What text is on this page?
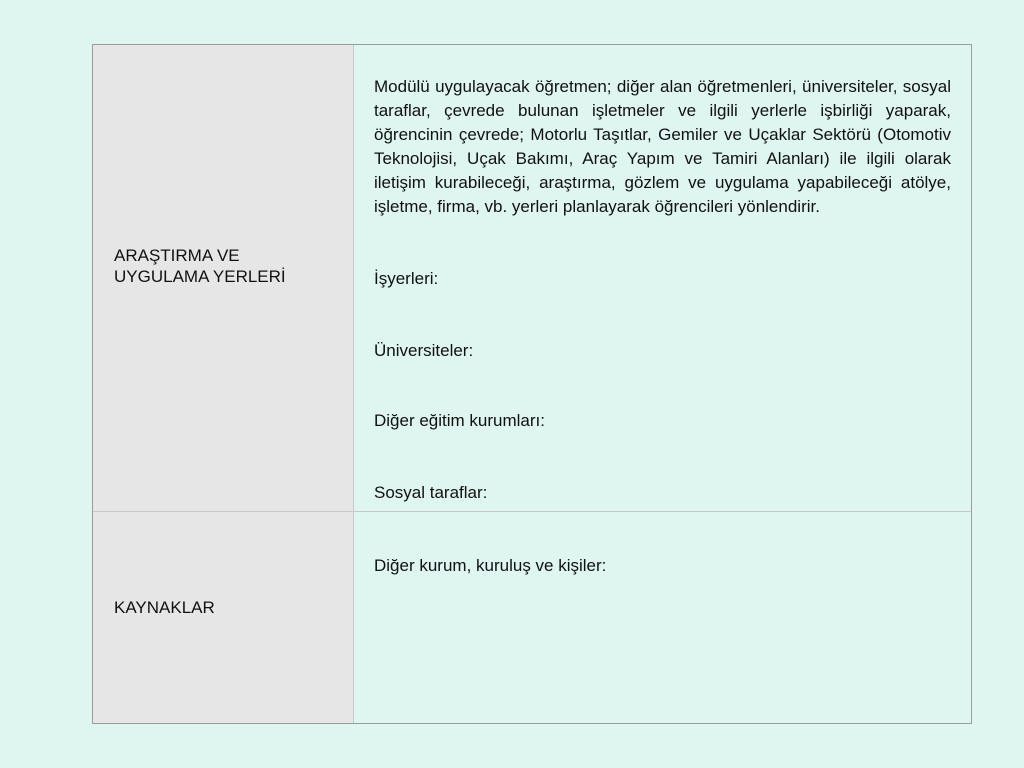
ARAŞTIRMA VE
UYGULAMA YERLERİ

Modülü uygulayacak öğretmen; diğer alan öğretmenleri, üniversiteler, sosyal taraflar, çevrede bulunan işletmeler ve ilgili yerlerle işbirliği yaparak, öğrencinin çevrede; Motorlu Taşıtlar, Gemiler ve Uçaklar Sektörü (Otomotiv Teknolojisi, Uçak Bakımı, Araç Yapım ve Tamiri Alanları) ile ilgili olarak iletişim kurabileceği, araştırma, gözlem ve uygulama yapabileceği atölye, işletme, firma, vb. yerleri planlayarak öğrencileri yönlendirir.

İşyerleri:

Üniversiteler:

Diğer eğitim kurumları:

Sosyal taraflar:

KAYNAKLAR

Diğer kurum, kuruluş ve kişiler:
